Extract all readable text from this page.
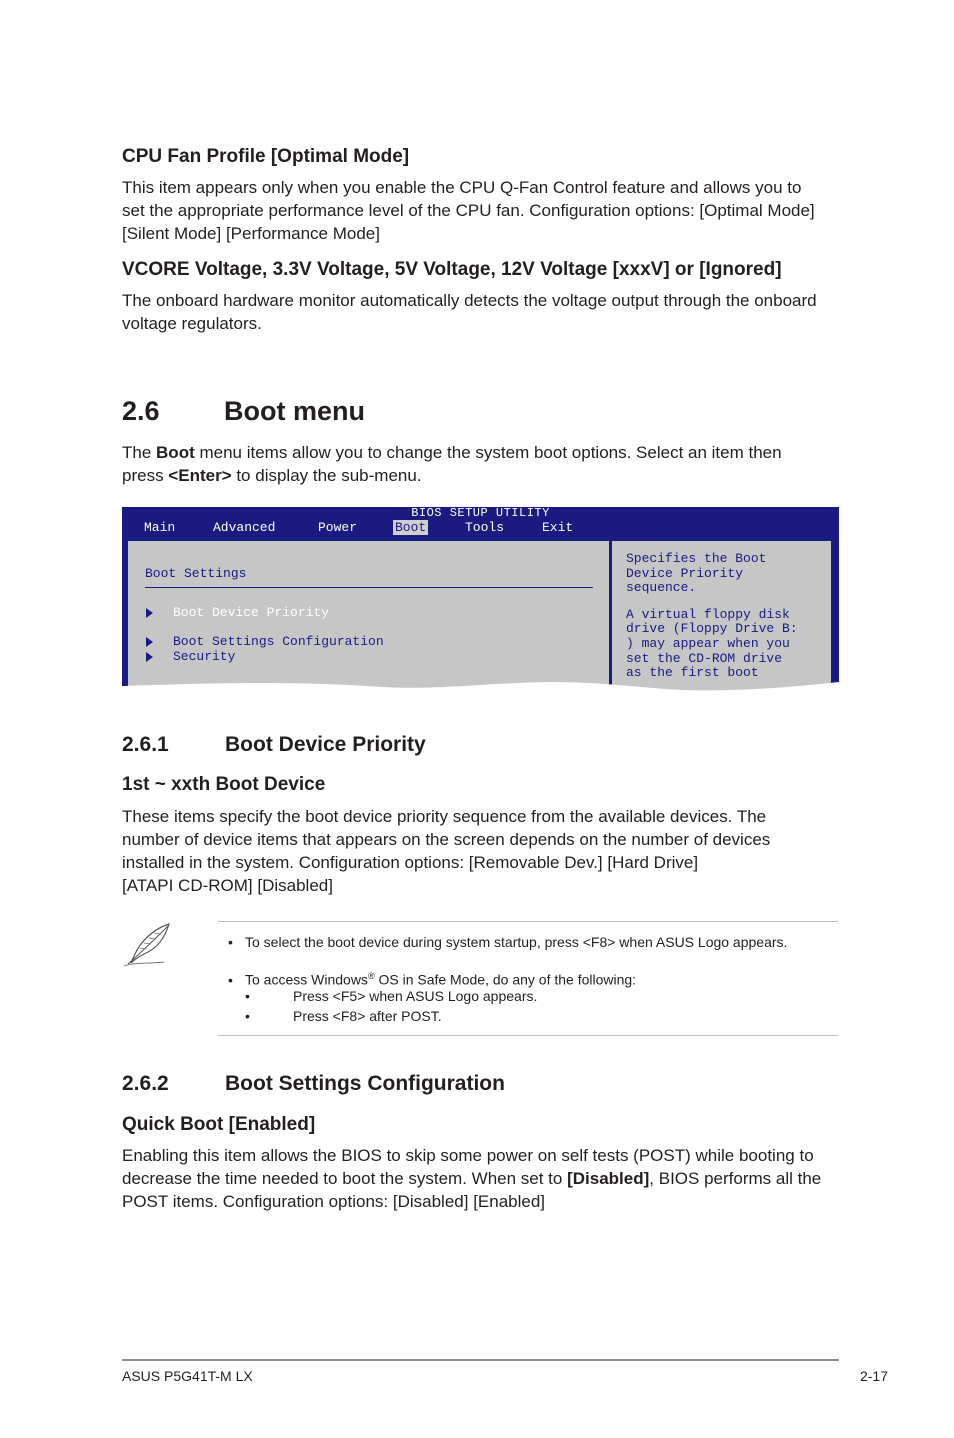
CPU Fan Profile [Optimal Mode]
This item appears only when you enable the CPU Q-Fan Control feature and allows you to
set the appropriate performance level of the CPU fan. Configuration options: [Optimal Mode]
[Silent Mode] [Performance Mode]
VCORE Voltage, 3.3V Voltage, 5V Voltage, 12V Voltage [xxxV] or [Ignored]
The onboard hardware monitor automatically detects the voltage output through the onboard
voltage regulators.
2.6 Boot menu
The Boot menu items allow you to change the system boot options. Select an item then
press <Enter> to display the sub-menu.
BIOS SETUP UTILITY
Main	Advanced	Power	Boot	Tools	Exit
Boot Settings
Boot Device Priority
Boot Settings Configuration
Security
Specifies the Boot
Device Priority
sequence.
A virtual floppy disk
drive (Floppy Drive B:
) may appear when you
set the CD-ROM drive
as the first boot
2.6.1	Boot Device Priority
1st ~ xxth Boot Device
These items specify the boot device priority sequence from the available devices. The
number of device items that appears on the screen depends on the number of devices
installed in the system. Configuration options: [Removable Dev.] [Hard Drive]
[ATAPI CD-ROM] [Disabled]
• To select the boot device during system startup, press <F8> when ASUS Logo appears.
• To access Windows® OS in Safe Mode, do any of the following:
•	Press <F5> when ASUS Logo appears.
•	Press <F8> after POST.
2.6.2	Boot Settings Configuration
Quick Boot [Enabled]
Enabling this item allows the BIOS to skip some power on self tests (POST) while booting to
decrease the time needed to boot the system. When set to [Disabled], BIOS performs all the
POST items. Configuration options: [Disabled] [Enabled]
ASUS P5G41T-M LX	2-17
